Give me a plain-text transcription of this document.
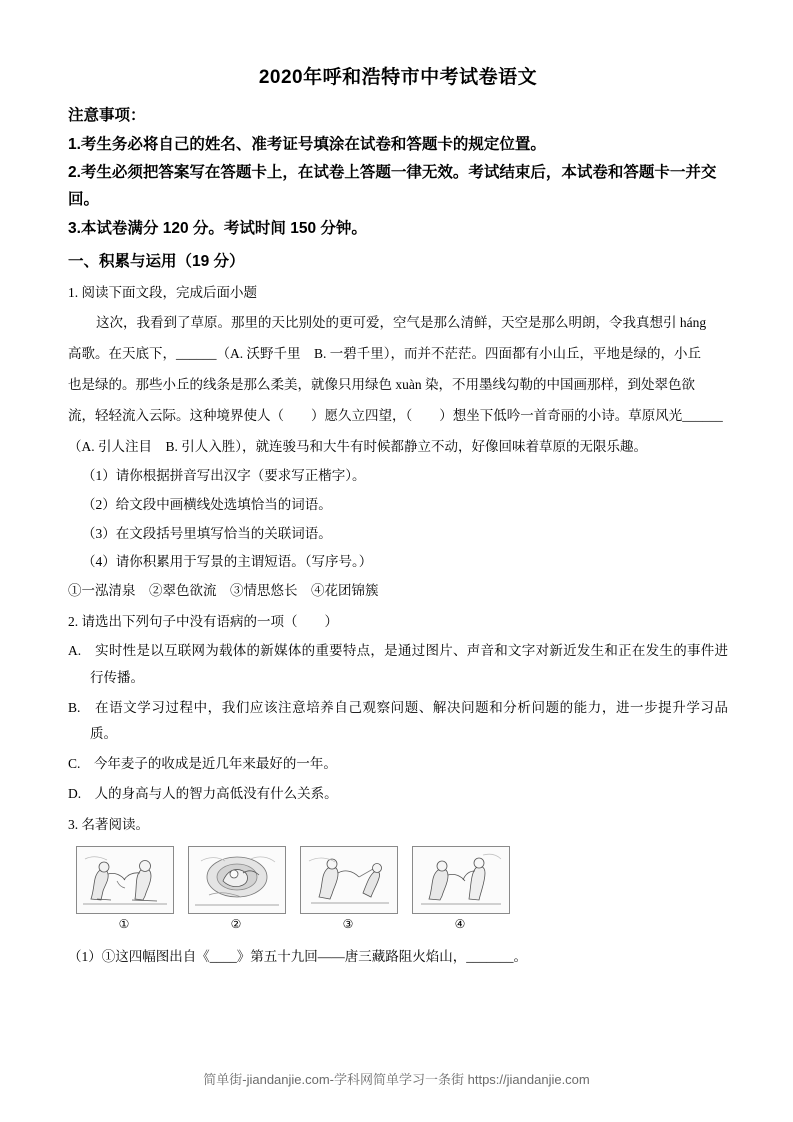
2020年呼和浩特市中考试卷语文
注意事项：
1.考生务必将自己的姓名、准考证号填涂在试卷和答题卡的规定位置。
2.考生必须把答案写在答题卡上，在试卷上答题一律无效。考试结束后，本试卷和答题卡一并交回。
3.本试卷满分 120 分。考试时间 150 分钟。
一、积累与运用（19 分）
1. 阅读下面文段，完成后面小题
这次，我看到了草原。那里的天比别处的更可爱，空气是那么清鲜，天空是那么明朗，令我真想引 háng
高歌。在天底下，______（A. 沃野千里　B. 一碧千里），而并不茫茫。四面都有小山丘，平地是绿的，小丘
也是绿的。那些小丘的线条是那么柔美，就像只用绿色 xuàn 染，不用墨线勾勒的中国画那样，到处翠色欲
流，轻轻流入云际。这种境界使人（　　）愿久立四望，（　　）想坐下低吟一首奇丽的小诗。草原风光______
（A. 引人注目　B. 引人入胜），就连骏马和大牛有时候都静立不动，好像回味着草原的无限乐趣。
（1）请你根据拼音写出汉字（要求写正楷字）。
（2）给文段中画横线处选填恰当的词语。
（3）在文段括号里填写恰当的关联词语。
（4）请你积累用于写景的主谓短语。（写序号。）
①一泓清泉　②翠色欲流　③情思悠长　④花团锦簇
2. 请选出下列句子中没有语病的一项（　　）
A.　实时性是以互联网为载体的新媒体的重要特点，是通过图片、声音和文字对新近发生和正在发生的事件进行传播。
B.　在语文学习过程中，我们应该注意培养自己观察问题、解决问题和分析问题的能力，进一步提升学习品质。
C.　今年麦子的收成是近几年来最好的一年。
D.　人的身高与人的智力高低没有什么关系。
3. 名著阅读。
①	②	③	④
（1）①这四幅图出自《____》第五十九回——唐三藏路阻火焰山，_______。
简单街-jiandanjie.com-学科网简单学习一条街 https://jiandanjie.com
